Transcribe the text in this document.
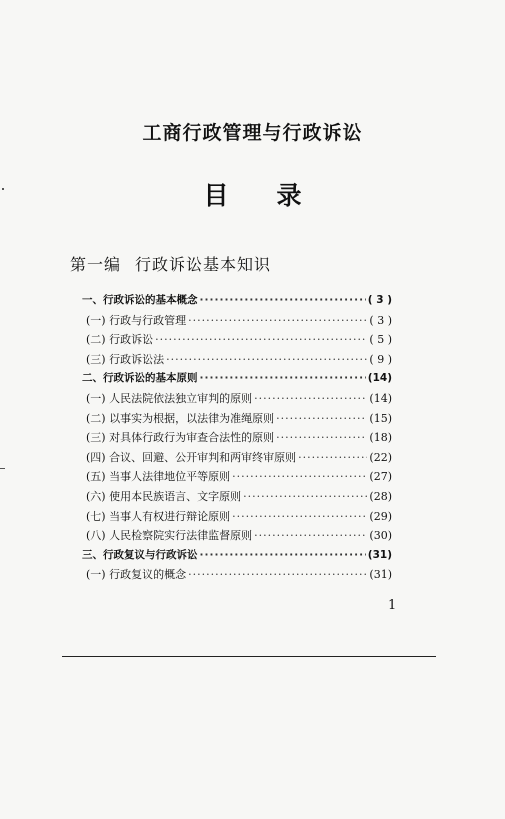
工商行政管理与行政诉讼
目录
第一编 行政诉讼基本知识
一、行政诉讼的基本概念 ·····	( 3 )
(一) 行政与行政管理 ·····	( 3 )
(二) 行政诉讼 ·····	( 5 )
(三) 行政诉讼法 ·····	( 9 )
二、行政诉讼的基本原则 ·····	(14)
(一) 人民法院依法独立审判的原则 ·····	(14)
(二) 以事实为根据，以法律为准绳原则 ·····	(15)
(三) 对具体行政行为审查合法性的原则 ·····	(18)
(四) 合议、回避、公开审判和两审终审原则 ·····	(22)
(五) 当事人法律地位平等原则 ·····	(27)
(六) 使用本民族语言、文字原则 ·····	(28)
(七) 当事人有权进行辩论原则 ·····	(29)
(八) 人民检察院实行法律监督原则 ·····	(30)
三、行政复议与行政诉讼 ·····	(31)
(一) 行政复议的概念 ·····	(31)
1
